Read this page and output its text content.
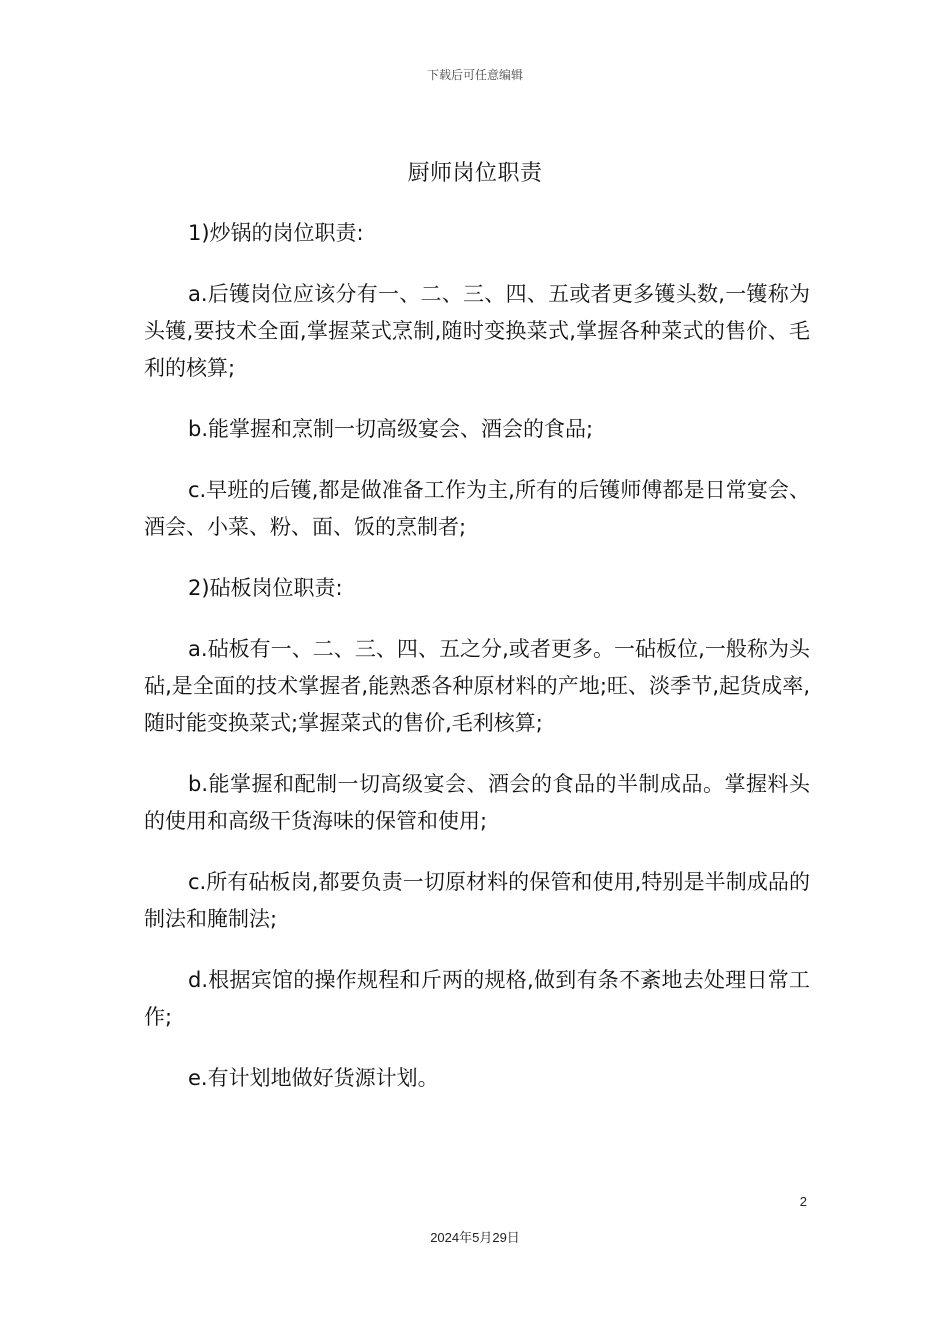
下载后可任意编辑
厨师岗位职责

1)炒锅的岗位职责:

a.后镬岗位应该分有一、二、三、四、五或者更多镬头数,一镬称为头镬,要技术全面,掌握菜式烹制,随时变换菜式,掌握各种菜式的售价、毛利的核算;

b.能掌握和烹制一切高级宴会、酒会的食品;

c.早班的后镬,都是做准备工作为主,所有的后镬师傅都是日常宴会、酒会、小菜、粉、面、饭的烹制者;

2)砧板岗位职责:

a.砧板有一、二、三、四、五之分,或者更多。一砧板位,一般称为头砧,是全面的技术掌握者,能熟悉各种原材料的产地;旺、淡季节,起货成率,随时能变换菜式;掌握菜式的售价,毛利核算;

b.能掌握和配制一切高级宴会、酒会的食品的半制成品。掌握料头的使用和高级干货海味的保管和使用;

c.所有砧板岗,都要负责一切原材料的保管和使用,特别是半制成品的制法和腌制法;

d.根据宾馆的操作规程和斤两的规格,做到有条不紊地去处理日常工作;

e.有计划地做好货源计划。

2
2024年5月29日
